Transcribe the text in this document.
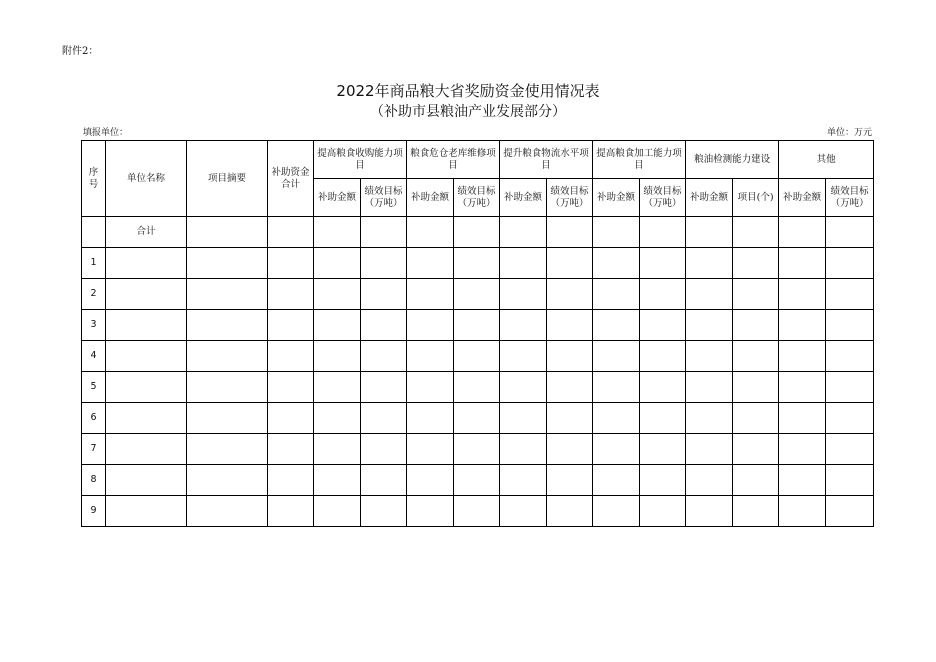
附件2：
2022年商品粮大省奖励资金使用情况表
（补助市县粮油产业发展部分）
填报单位：	单位：万元
序号	单位名称	项目摘要	补助资金合计	提高粮食收购能力项目		粮食危仓老库维修项目		提升粮食物流水平项目		提高粮食加工能力项目		粮油检测能力建设		其他	
				补助金额	绩效目标（万吨）	补助金额	绩效目标（万吨）	补助金额	绩效目标（万吨）	补助金额	绩效目标（万吨）	补助金额	项目(个)	补助金额	绩效目标（万吨）
	合计														
1															
2															
3															
4															
5															
6															
7															
8															
9															
